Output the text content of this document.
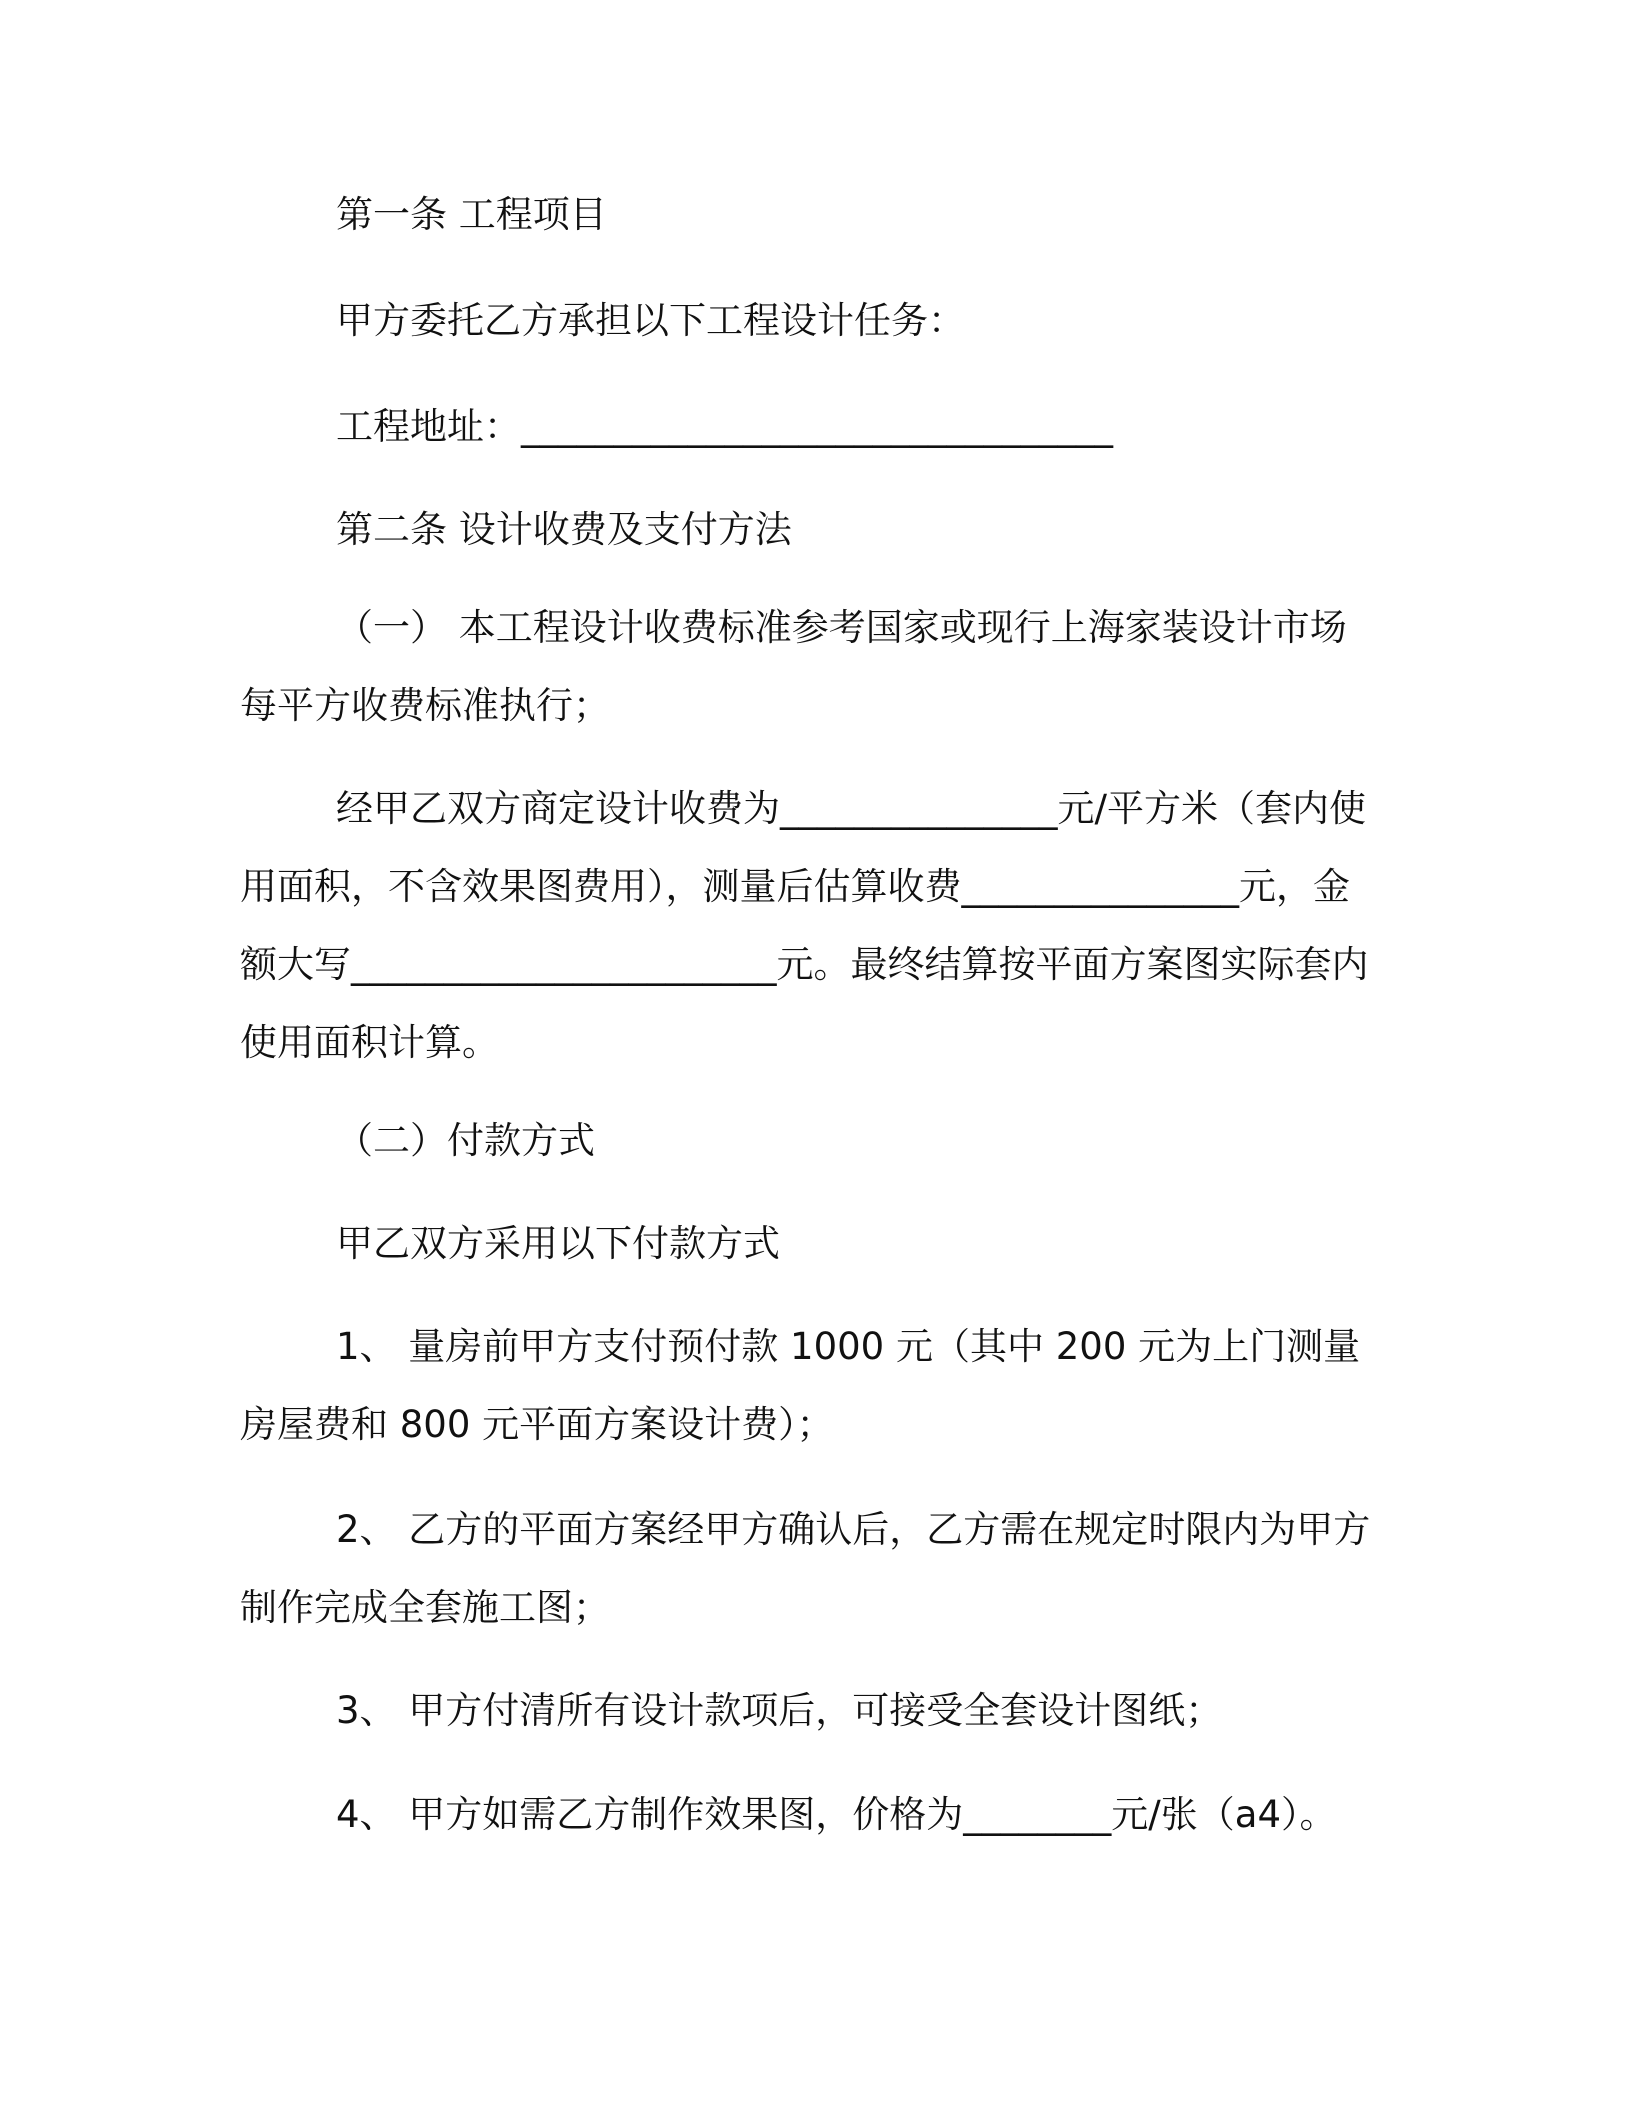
第一条 工程项目

甲方委托乙方承担以下工程设计任务：

工程地址：________________________________

第二条 设计收费及支付方法

（一） 本工程设计收费标准参考国家或现行上海家装设计市场每平方收费标准执行；

经甲乙双方商定设计收费为_______________元/平方米（套内使用面积，不含效果图费用），测量后估算收费_______________元，金额大写_______________________元。最终结算按平面方案图实际套内使用面积计算。

（二）付款方式

甲乙双方采用以下付款方式

1、 量房前甲方支付预付款 1000 元（其中 200 元为上门测量房屋费和 800 元平面方案设计费）；

2、 乙方的平面方案经甲方确认后，乙方需在规定时限内为甲方制作完成全套施工图；

3、 甲方付清所有设计款项后，可接受全套设计图纸；

4、 甲方如需乙方制作效果图，价格为________元/张（a4）。
